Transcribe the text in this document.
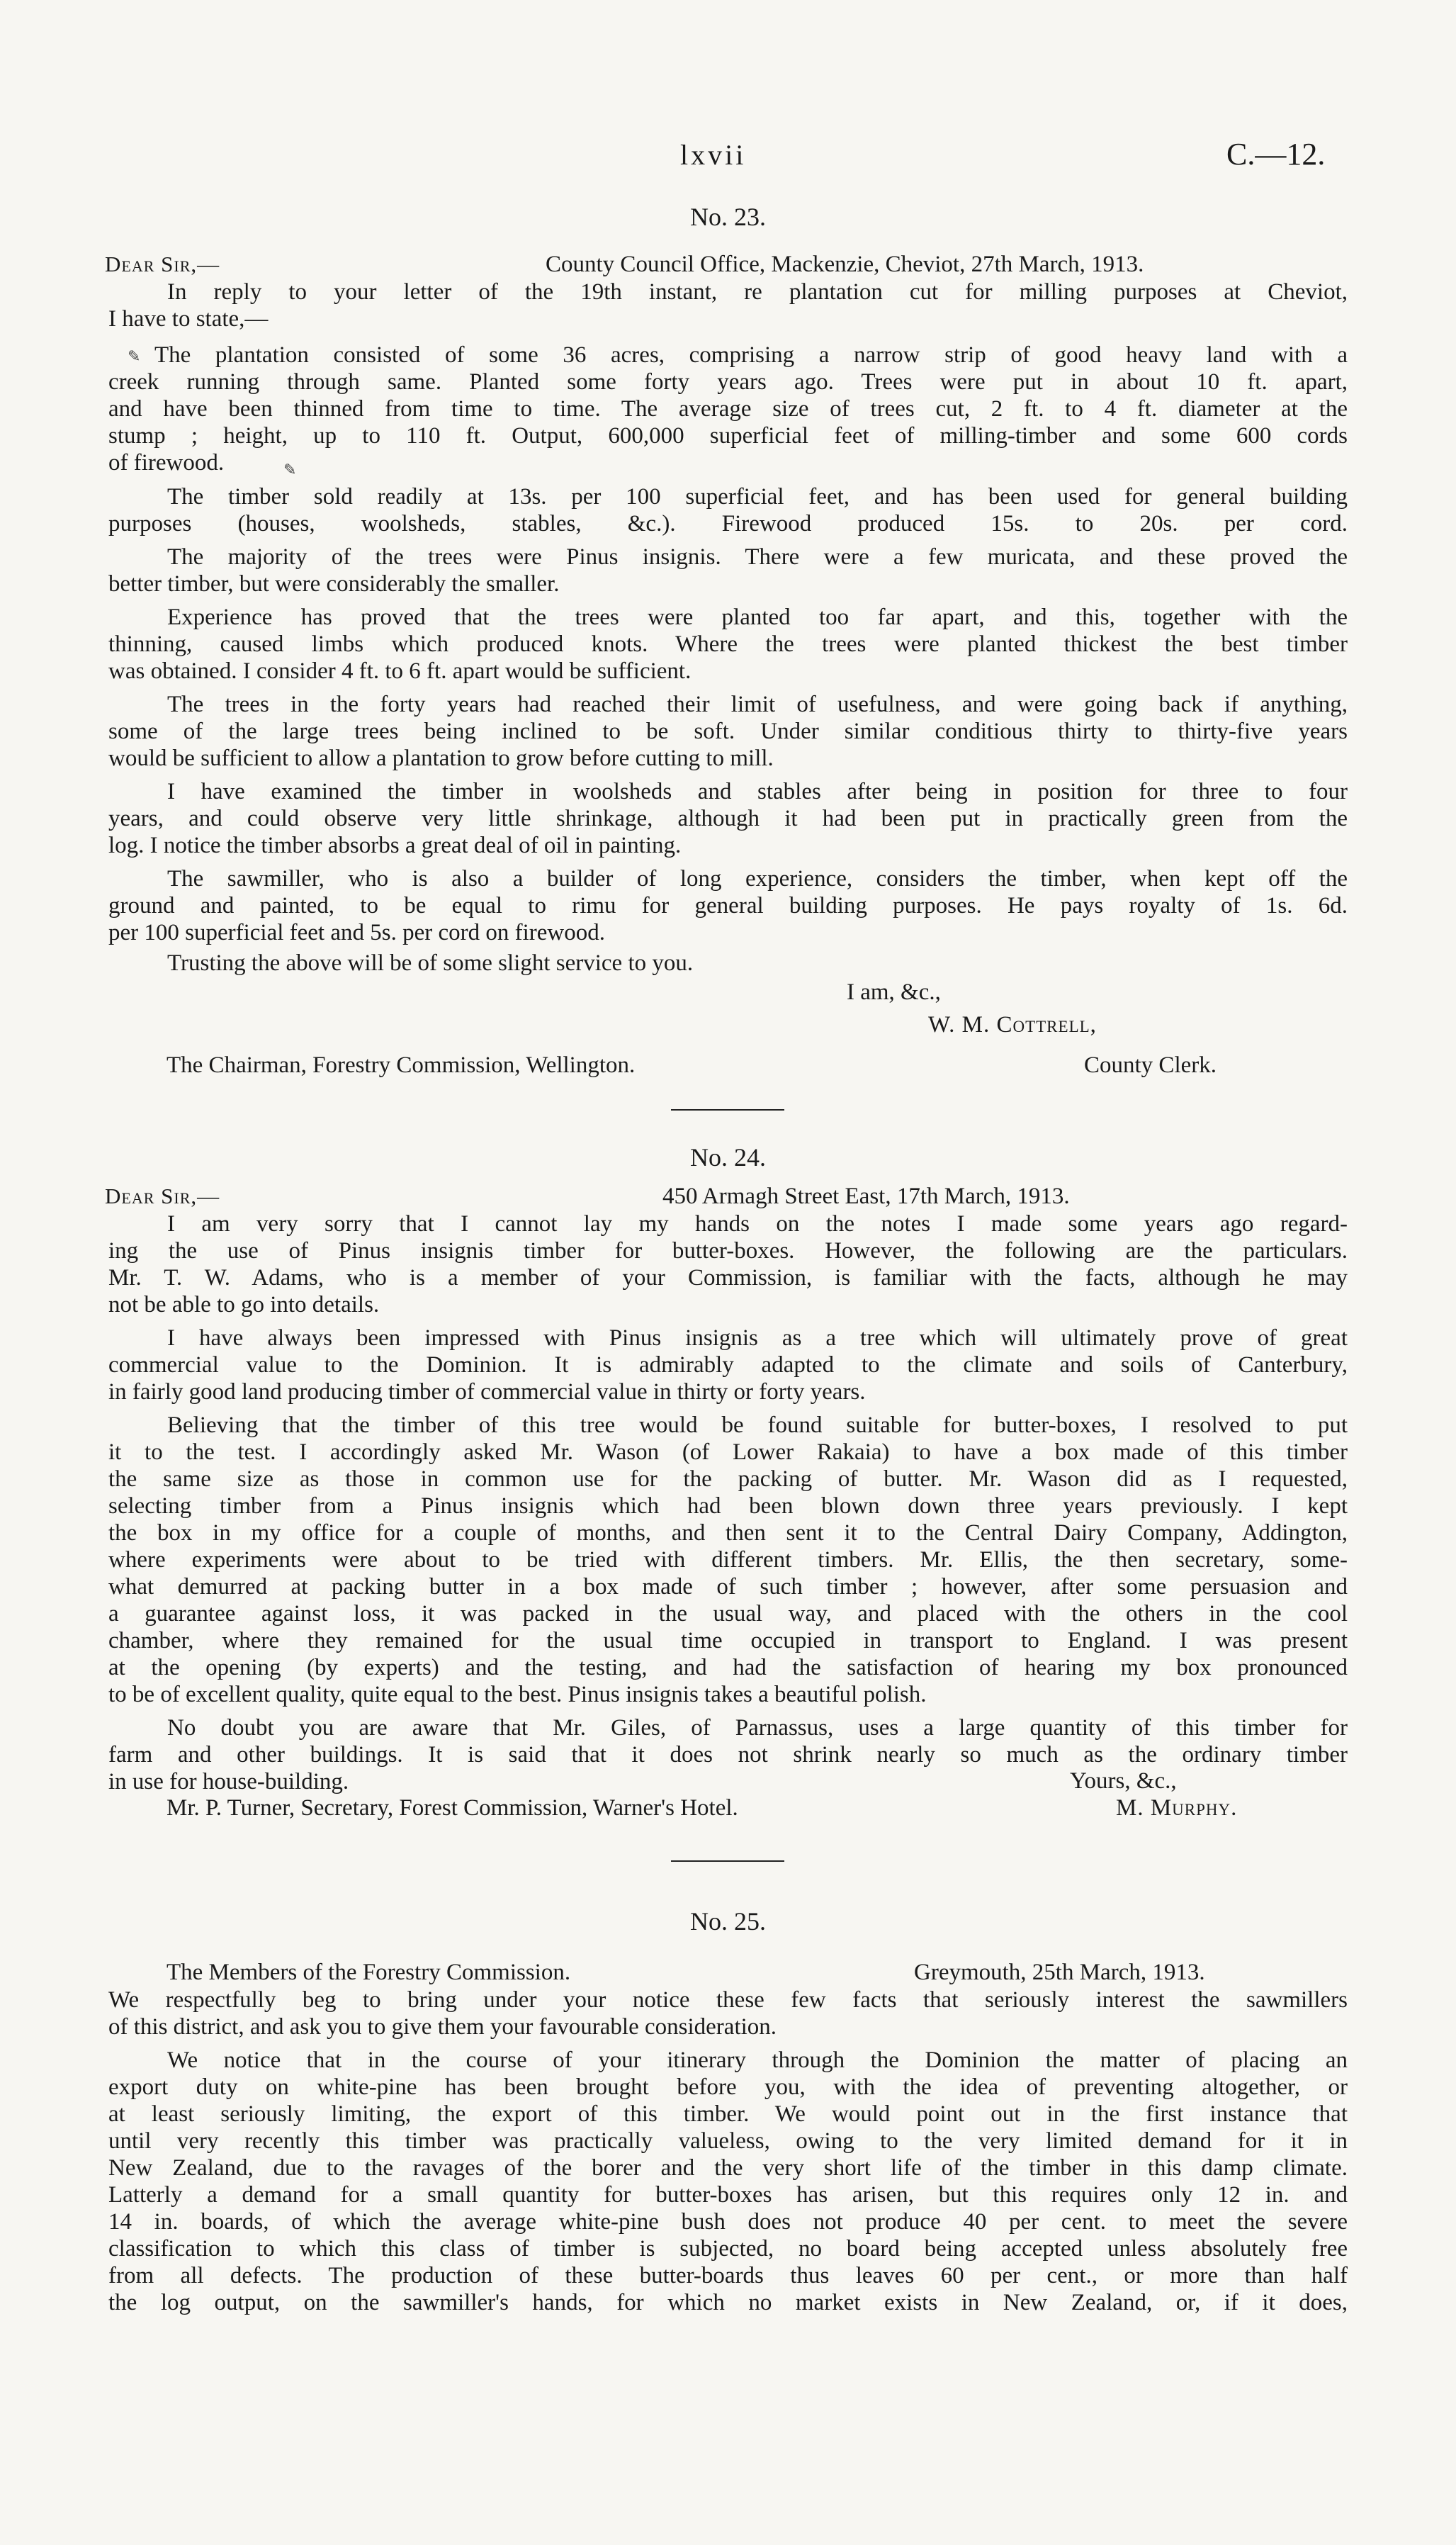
lxvii	C.—12.
No. 23.
Dear Sir,—	County Council Office, Mackenzie, Cheviot, 27th March, 1913.

In reply to your letter of the 19th instant, re plantation cut for milling purposes at Cheviot,

I have to state,—

✎ The plantation consisted of some 36 acres, comprising a narrow strip of good heavy land with a

creek running through same. Planted some forty years ago. Trees were put in about 10 ft. apart,

and have been thinned from time to time. The average size of trees cut, 2 ft. to 4 ft. diameter at the

stump ; height, up to 110 ft. Output, 600,000 superficial feet of milling-timber and some 600 cords

of firewood.	✎

The timber sold readily at 13s. per 100 superficial feet, and has been used for general building

purposes (houses, woolsheds, stables, &c.). Firewood produced 15s. to 20s. per cord.

The majority of the trees were Pinus insignis. There were a few muricata, and these proved the

better timber, but were considerably the smaller.

Experience has proved that the trees were planted too far apart, and this, together with the

thinning, caused limbs which produced knots. Where the trees were planted thickest the best timber

was obtained. I consider 4 ft. to 6 ft. apart would be sufficient.

The trees in the forty years had reached their limit of usefulness, and were going back if anything,

some of the large trees being inclined to be soft. Under similar conditious thirty to thirty-five years

would be sufficient to allow a plantation to grow before cutting to mill.

I have examined the timber in woolsheds and stables after being in position for three to four

years, and could observe very little shrinkage, although it had been put in practically green from the

log. I notice the timber absorbs a great deal of oil in painting.

The sawmiller, who is also a builder of long experience, considers the timber, when kept off the

ground and painted, to be equal to rimu for general building purposes. He pays royalty of 1s. 6d.

per 100 superficial feet and 5s. per cord on firewood.

Trusting the above will be of some slight service to you.

I am, &c.,
W. M. Cottrell,
The Chairman, Forestry Commission, Wellington.	County Clerk.
No. 24.
Dear Sir,—	450 Armagh Street East, 17th March, 1913.

I am very sorry that I cannot lay my hands on the notes I made some years ago regard-

ing the use of Pinus insignis timber for butter-boxes. However, the following are the particulars.

Mr. T. W. Adams, who is a member of your Commission, is familiar with the facts, although he may

not be able to go into details.

I have always been impressed with Pinus insignis as a tree which will ultimately prove of great

commercial value to the Dominion. It is admirably adapted to the climate and soils of Canterbury,

in fairly good land producing timber of commercial value in thirty or forty years.

Believing that the timber of this tree would be found suitable for butter-boxes, I resolved to put

it to the test. I accordingly asked Mr. Wason (of Lower Rakaia) to have a box made of this timber

the same size as those in common use for the packing of butter. Mr. Wason did as I requested,

selecting timber from a Pinus insignis which had been blown down three years previously. I kept

the box in my office for a couple of months, and then sent it to the Central Dairy Company, Addington,

where experiments were about to be tried with different timbers. Mr. Ellis, the then secretary, some-

what demurred at packing butter in a box made of such timber ; however, after some persuasion and

a guarantee against loss, it was packed in the usual way, and placed with the others in the cool

chamber, where they remained for the usual time occupied in transport to England. I was present

at the opening (by experts) and the testing, and had the satisfaction of hearing my box pronounced

to be of excellent quality, quite equal to the best. Pinus insignis takes a beautiful polish.

No doubt you are aware that Mr. Giles, of Parnassus, uses a large quantity of this timber for

farm and other buildings. It is said that it does not shrink nearly so much as the ordinary timber

in use for house-building.	Yours, &c.,
Mr. P. Turner, Secretary, Forest Commission, Warner's Hotel.	M. Murphy.
No. 25.
The Members of the Forestry Commission.	Greymouth, 25th March, 1913.

We respectfully beg to bring under your notice these few facts that seriously interest the sawmillers

of this district, and ask you to give them your favourable consideration.

We notice that in the course of your itinerary through the Dominion the matter of placing an

export duty on white-pine has been brought before you, with the idea of preventing altogether, or

at least seriously limiting, the export of this timber. We would point out in the first instance that

until very recently this timber was practically valueless, owing to the very limited demand for it in

New Zealand, due to the ravages of the borer and the very short life of the timber in this damp climate.

Latterly a demand for a small quantity for butter-boxes has arisen, but this requires only 12 in. and

14 in. boards, of which the average white-pine bush does not produce 40 per cent. to meet the severe

classification to which this class of timber is subjected, no board being accepted unless absolutely free

from all defects. The production of these butter-boards thus leaves 60 per cent., or more than half

the log output, on the sawmiller's hands, for which no market exists in New Zealand, or, if it does,
